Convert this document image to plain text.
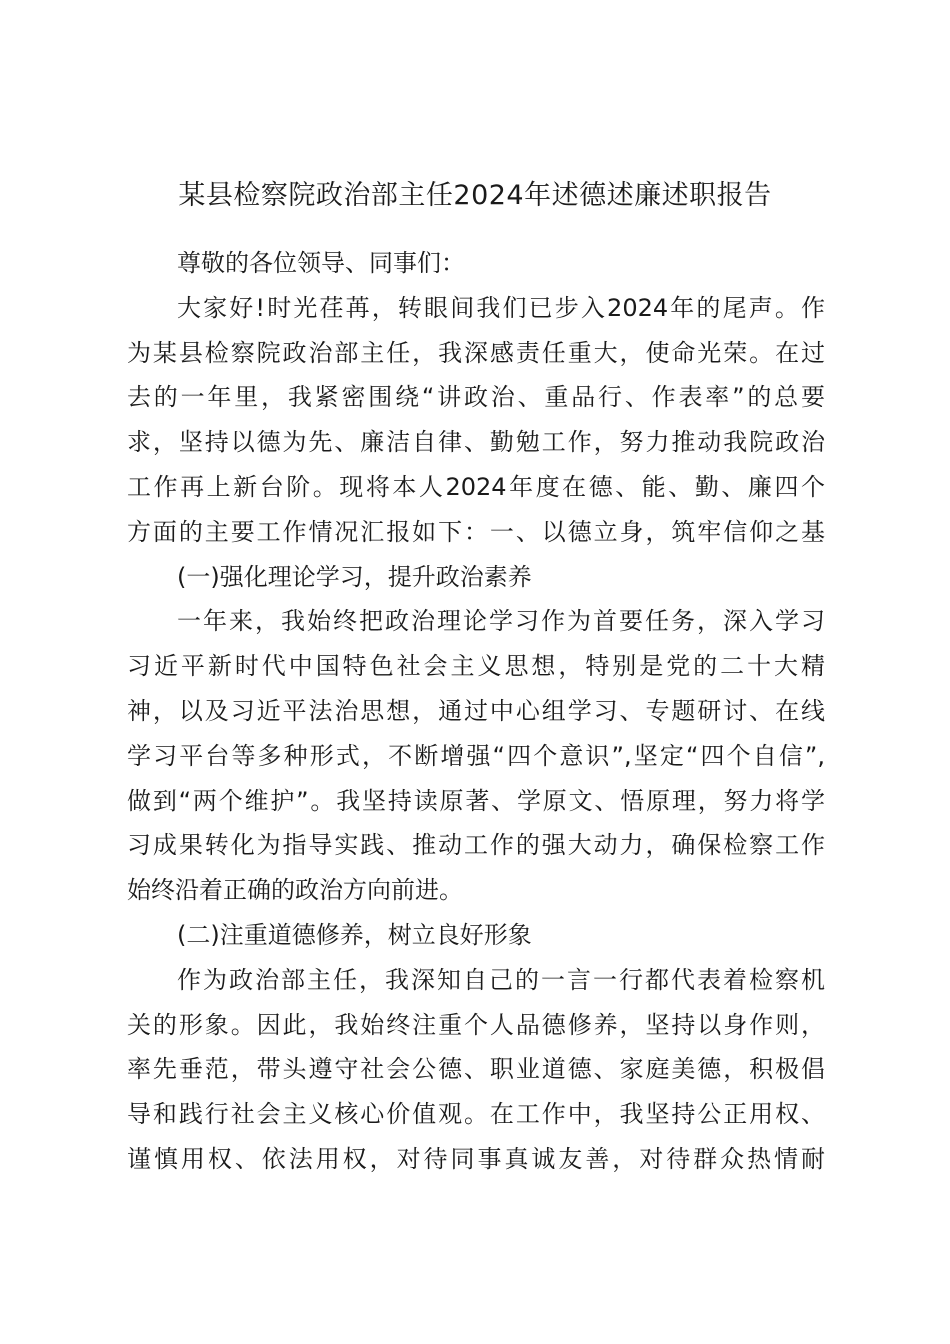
某县检察院政治部主任2024年述德述廉述职报告
尊敬的各位领导、同事们：
大家好!时光荏苒，转眼间我们已步入2024年的尾声。作
为某县检察院政治部主任，我深感责任重大，使命光荣。在过
去的一年里，我紧密围绕“讲政治、重品行、作表率”的总要
求，坚持以德为先、廉洁自律、勤勉工作，努力推动我院政治
工作再上新台阶。现将本人2024年度在德、能、勤、廉四个
方面的主要工作情况汇报如下：一、以德立身，筑牢信仰之基
(一)强化理论学习，提升政治素养
一年来，我始终把政治理论学习作为首要任务，深入学习
习近平新时代中国特色社会主义思想，特别是党的二十大精
神，以及习近平法治思想，通过中心组学习、专题研讨、在线
学习平台等多种形式，不断增强“四个意识”,坚定“四个自信”,
做到“两个维护”。我坚持读原著、学原文、悟原理，努力将学
习成果转化为指导实践、推动工作的强大动力，确保检察工作
始终沿着正确的政治方向前进。
(二)注重道德修养，树立良好形象
作为政治部主任，我深知自己的一言一行都代表着检察机
关的形象。因此，我始终注重个人品德修养，坚持以身作则，
率先垂范，带头遵守社会公德、职业道德、家庭美德，积极倡
导和践行社会主义核心价值观。在工作中，我坚持公正用权、
谨慎用权、依法用权，对待同事真诚友善，对待群众热情耐
